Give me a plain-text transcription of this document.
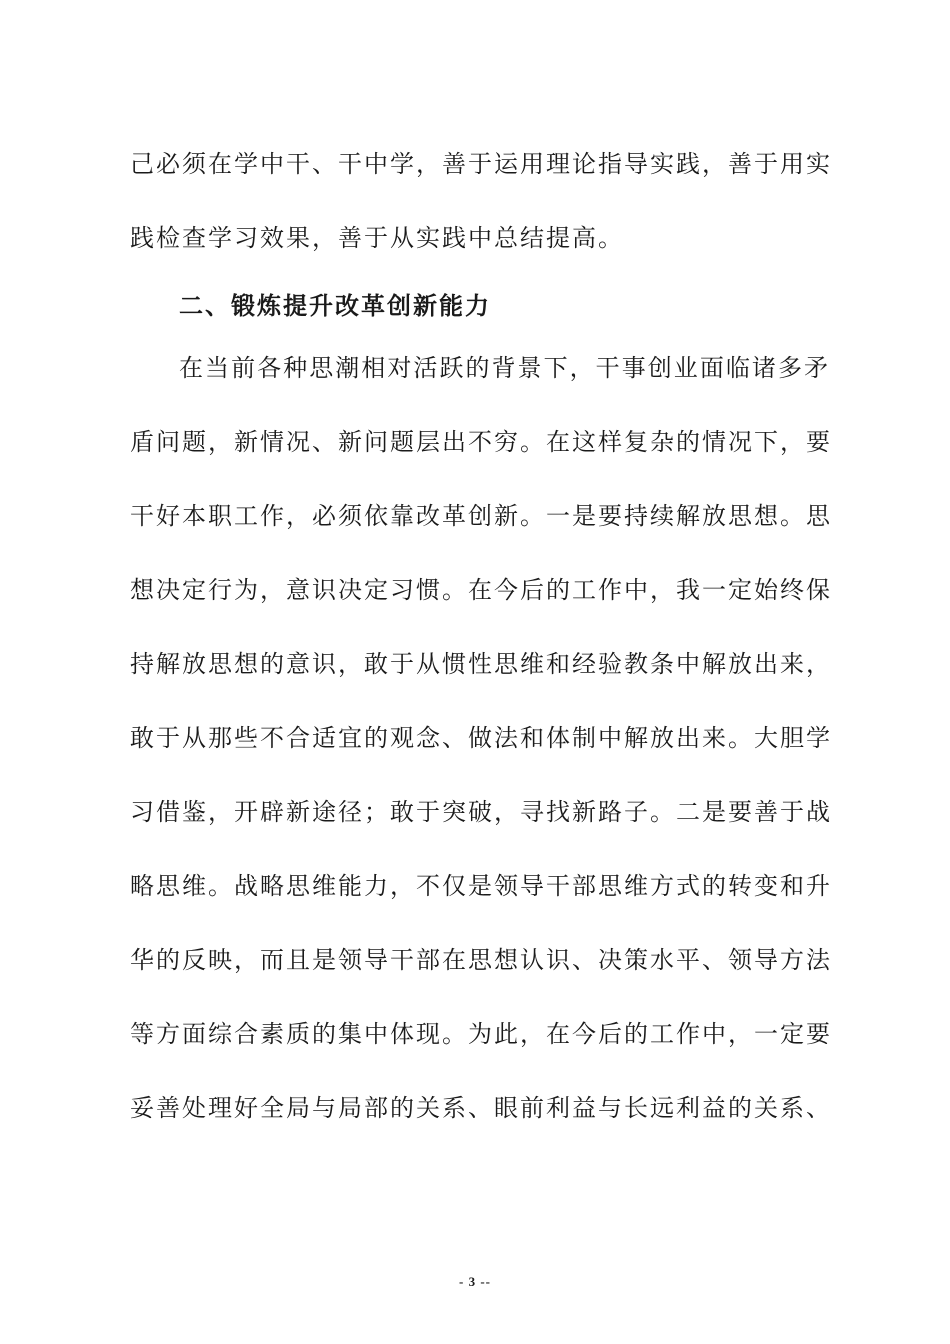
己必须在学中干、干中学，善于运用理论指导实践，善于用实
践检查学习效果，善于从实践中总结提高。
二、锻炼提升改革创新能力
在当前各种思潮相对活跃的背景下，干事创业面临诸多矛
盾问题，新情况、新问题层出不穷。在这样复杂的情况下，要
干好本职工作，必须依靠改革创新。一是要持续解放思想。思
想决定行为，意识决定习惯。在今后的工作中，我一定始终保
持解放思想的意识，敢于从惯性思维和经验教条中解放出来，
敢于从那些不合适宜的观念、做法和体制中解放出来。大胆学
习借鉴，开辟新途径；敢于突破，寻找新路子。二是要善于战
略思维。战略思维能力，不仅是领导干部思维方式的转变和升
华的反映，而且是领导干部在思想认识、决策水平、领导方法
等方面综合素质的集中体现。为此，在今后的工作中，一定要
妥善处理好全局与局部的关系、眼前利益与长远利益的关系、
- 3 --
